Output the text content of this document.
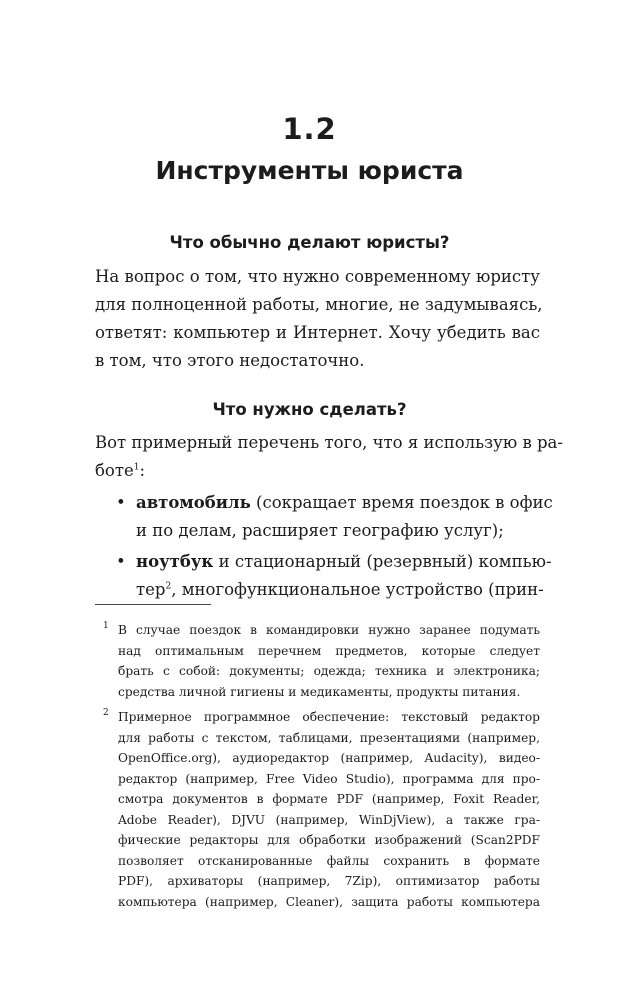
1.2
Инструменты юриста
Что обычно делают юристы?
На вопрос о том, что нужно современному юристу
для полноценной работы, многие, не задумываясь,
ответят: компьютер и Интернет. Хочу убедить вас
в том, что этого недостаточно.
Что нужно сделать?
Вот примерный перечень того, что я использую в ра-
боте$^1$:
• автомобиль (сокращает время поездок в офис
и по делам, расширяет географию услуг);
• ноутбук и стационарный (резервный) компью-
тер$^2$, многофункциональное устройство (прин-
1 В случае поездок в командировки нужно заранее подумать
над оптимальным перечнем предметов, которые следует
брать с собой: документы; одежда; техника и электроника;
средства личной гигиены и медикаменты, продукты питания.
2 Примерное программное обеспечение: текстовый редактор
для работы с текстом, таблицами, презентациями (например,
OpenOffice.org), аудиоредактор (например, Audacity), видео-
редактор (например, Free Video Studio), программа для про-
смотра документов в формате PDF (например, Foxit Reader,
Adobe Reader), DJVU (например, WinDjView), а также гра-
фические редакторы для обработки изображений (Scan2PDF
позволяет отсканированные файлы сохранить в формате
PDF), архиваторы (например, 7Zip), оптимизатор работы
компьютера (например, Cleaner), защита работы компьютера
